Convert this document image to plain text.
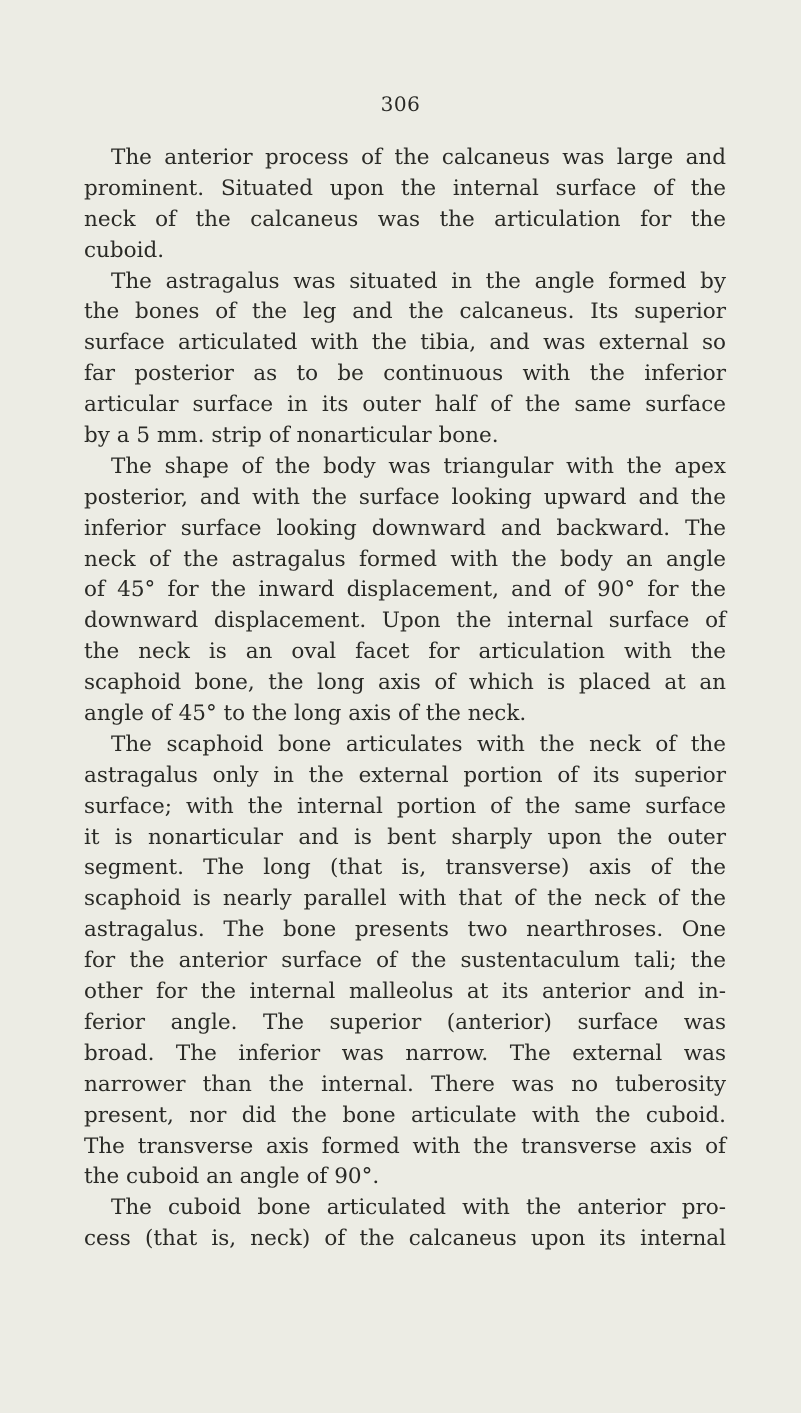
306
The anterior process of the calcaneus was large and
prominent. Situated upon the internal surface of the
neck of the calcaneus was the articulation for the
cuboid.
The astragalus was situated in the angle formed by
the bones of the leg and the calcaneus. Its superior
surface articulated with the tibia, and was external so
far posterior as to be continuous with the inferior
articular surface in its outer half of the same surface
by a 5 mm. strip of nonarticular bone.
The shape of the body was triangular with the apex
posterior, and with the surface looking upward and the
inferior surface looking downward and backward. The
neck of the astragalus formed with the body an angle
of 45° for the inward displacement, and of 90° for the
downward displacement. Upon the internal surface of
the neck is an oval facet for articulation with the
scaphoid bone, the long axis of which is placed at an
angle of 45° to the long axis of the neck.
The scaphoid bone articulates with the neck of the
astragalus only in the external portion of its superior
surface; with the internal portion of the same surface
it is nonarticular and is bent sharply upon the outer
segment. The long (that is, transverse) axis of the
scaphoid is nearly parallel with that of the neck of the
astragalus. The bone presents two nearthroses. One
for the anterior surface of the sustentaculum tali; the
other for the internal malleolus at its anterior and in-
ferior angle. The superior (anterior) surface was
broad. The inferior was narrow. The external was
narrower than the internal. There was no tuberosity
present, nor did the bone articulate with the cuboid.
The transverse axis formed with the transverse axis of
the cuboid an angle of 90°.
The cuboid bone articulated with the anterior pro-
cess (that is, neck) of the calcaneus upon its internal
